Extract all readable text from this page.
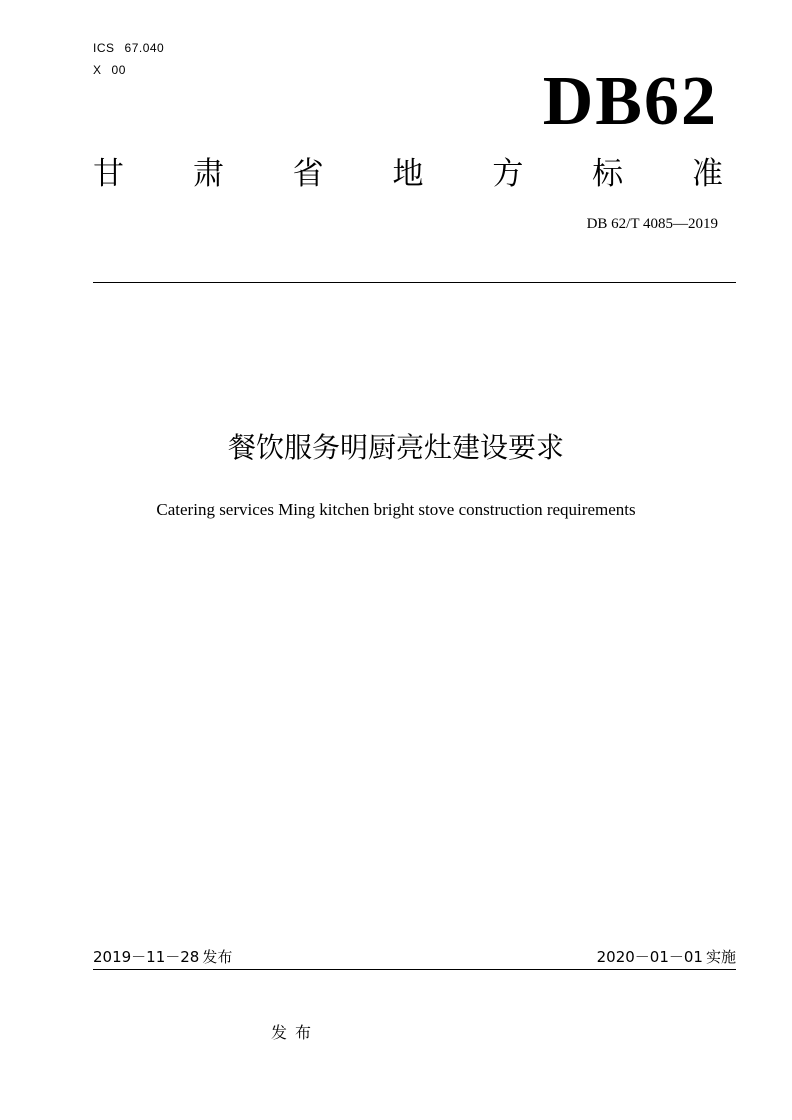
ICS 67.040
X 00	DB62
甘 肃 省 地 方 标 准
DB 62/T 4085—2019
餐饮服务明厨亮灶建设要求
Catering services Ming kitchen bright stove construction requirements
2019－11－28 发布	2020－01－01 实施
发布
